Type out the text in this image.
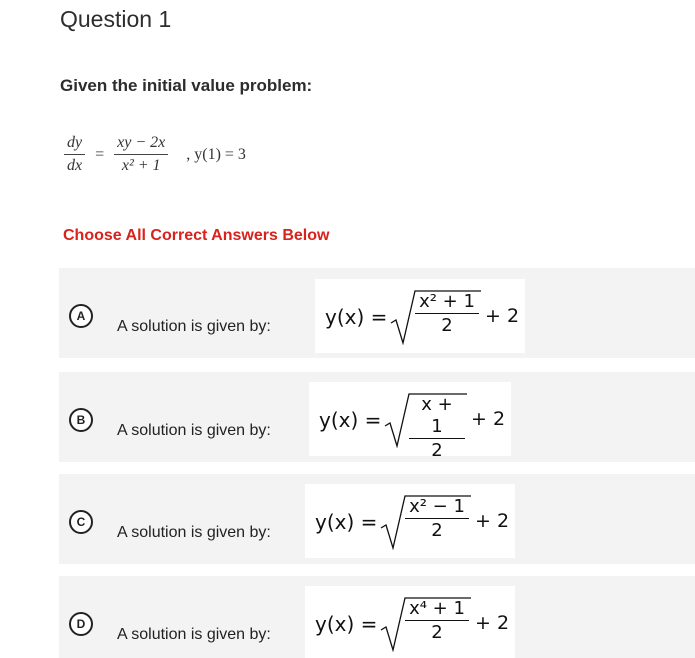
Question 1
Given the initial value problem:
$\frac{dy}{dx} = \frac{xy - 2x}{\text{x² + 1}}$ , y(1) = 3
Choose All Correct Answers Below
A
A solution is given by:	$y(x) = \frac{\text{x² + 1}}{2} + 2$
B
A solution is given by: $y(x) = \frac{x + 1}{2} + 2$
C
A solution is given by: $y(x) = \frac{\text{x² − 1}}{2} + 2$
D
A solution is given by: $y(x) = \frac{\text{x⁴ + 1}}{2} + 2$
